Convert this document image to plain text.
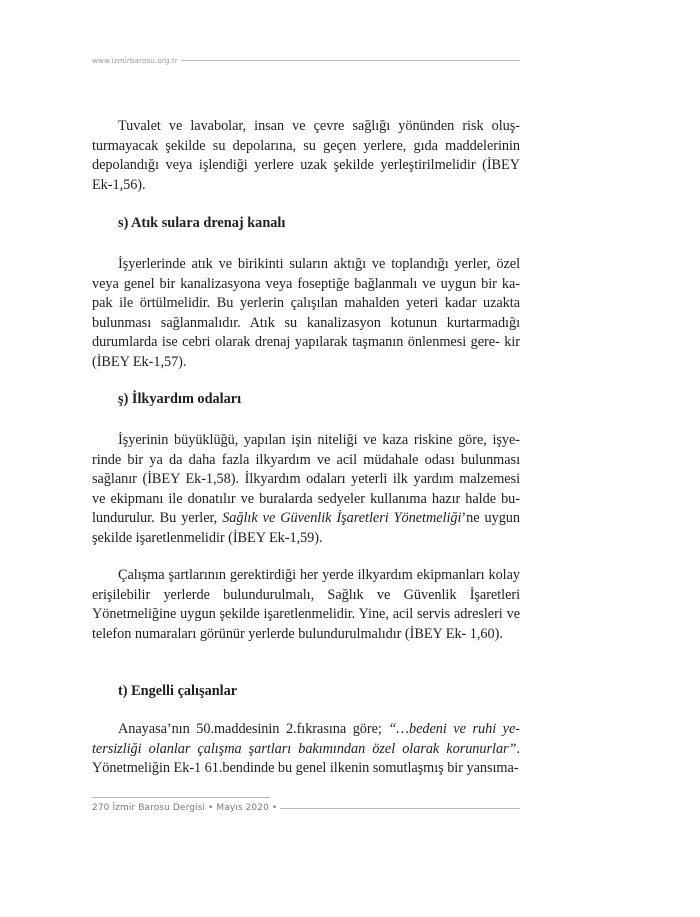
www.izmirbarosu.org.tr

Tuvalet ve lavabolar, insan ve çevre sağlığı yönünden risk oluş- turmayacak şekilde su depolarına, su geçen yerlere, gıda maddelerinin depolandığı veya işlendiği yerlere uzak şekilde yerleştirilmelidir (İBEY Ek-1,56).

s) Atık sulara drenaj kanalı

İşyerlerinde atık ve birikinti suların aktığı ve toplandığı yerler, özel veya genel bir kanalizasyona veya foseptiğe bağlanmalı ve uygun bir ka- pak ile örtülmelidir. Bu yerlerin çalışılan mahalden yeteri kadar uzakta bulunması sağlanmalıdır. Atık su kanalizasyon kotunun kurtarmadığı durumlarda ise cebri olarak drenaj yapılarak taşmanın önlenmesi gere- kir (İBEY Ek-1,57).

ş) İlkyardım odaları

İşyerinin büyüklüğü, yapılan işin niteliği ve kaza riskine göre, işye- rinde bir ya da daha fazla ilkyardım ve acil müdahale odası bulunması sağlanır (İBEY Ek-1,58). İlkyardım odaları yeterli ilk yardım malzemesi ve ekipmanı ile donatılır ve buralarda sedyeler kullanıma hazır halde bu- lundurulur. Bu yerler, Sağlık ve Güvenlik İşaretleri Yönetmeliği’ne uygun şekilde işaretlenmelidir (İBEY Ek-1,59).

Çalışma şartlarının gerektirdiği her yerde ilkyardım ekipmanları kolay erişilebilir yerlerde bulundurulmalı, Sağlık ve Güvenlik İşaretleri Yönetmeliğine uygun şekilde işaretlenmelidir. Yine, acil servis adresleri ve telefon numaraları görünür yerlerde bulundurulmalıdır (İBEY Ek- 1,60).

t) Engelli çalışanlar

Anayasa’nın 50.maddesinin 2.fıkrasına göre; “…bedeni ve ruhi ye- tersizliği olanlar çalışma şartları bakımından özel olarak korunurlar”. Yönetmeliğin Ek-1 61.bendinde bu genel ilkenin somutlaşmış bir yansıma-

270 İzmir Barosu Dergisi • Mayıs 2020 •
